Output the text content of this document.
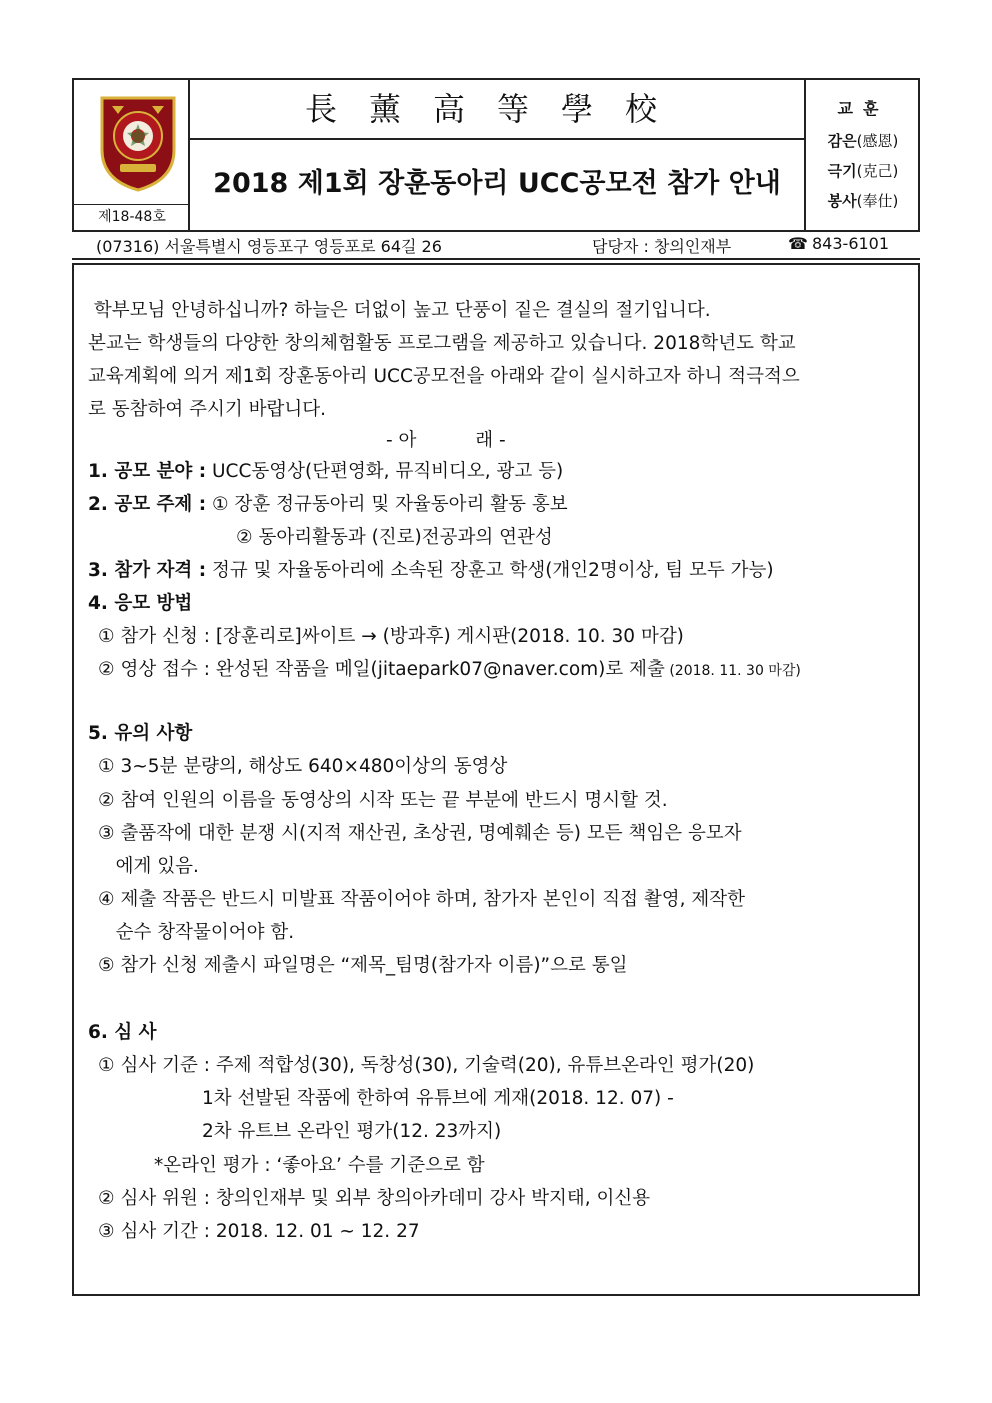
제18-48호
長薰高等學校
2018 제1회 장훈동아리 UCC공모전 참가 안내
교훈
감은(感恩)
극기(克己)
봉사(奉仕)
(07316) 서울특별시 영등포구 영등포로 64길 26	담당자 : 창의인재부	☎ 843-6101
학부모님 안녕하십니까? 하늘은 더없이 높고 단풍이 짙은 결실의 절기입니다.
본교는 학생들의 다양한 창의체험활동 프로그램을 제공하고 있습니다. 2018학년도 학교
교육계획에 의거 제1회 장훈동아리 UCC공모전을 아래와 같이 실시하고자 하니 적극적으
로 동참하여 주시기 바랍니다.
- 아          래 -
1. 공모 분야 : UCC동영상(단편영화, 뮤직비디오, 광고 등)
2. 공모 주제 : ① 장훈 정규동아리 및 자율동아리 활동 홍보
② 동아리활동과 (진로)전공과의 연관성
3. 참가 자격 : 정규 및 자율동아리에 소속된 장훈고 학생(개인2명이상, 팀 모두 가능)
4. 응모 방법
① 참가 신청 : [장훈리로]싸이트 → (방과후) 게시판(2018. 10. 30 마감)
② 영상 접수 : 완성된 작품을 메일(jitaepark07@naver.com)로 제출 (2018. 11. 30 마감)
5. 유의 사항
① 3~5분 분량의, 해상도 640×480이상의 동영상
② 참여 인원의 이름을 동영상의 시작 또는 끝 부분에 반드시 명시할 것.
③ 출품작에 대한 분쟁 시(지적 재산권, 초상권, 명예훼손 등) 모든 책임은 응모자
에게 있음.
④ 제출 작품은 반드시 미발표 작품이어야 하며, 참가자 본인이 직접 촬영, 제작한
순수 창작물이어야 함.
⑤ 참가 신청 제출시 파일명은 “제목_팀명(참가자 이름)”으로 통일
6. 심 사
① 심사 기준 : 주제 적합성(30), 독창성(30), 기술력(20), 유튜브온라인 평가(20)
1차 선발된 작품에 한하여 유튜브에 게재(2018. 12. 07) -
2차 유트브 온라인 평가(12. 23까지)
*온라인 평가 : ‘좋아요’ 수를 기준으로 함
② 심사 위원 : 창의인재부 및 외부 창의아카데미 강사 박지태, 이신용
③ 심사 기간 : 2018. 12. 01 ~ 12. 27
